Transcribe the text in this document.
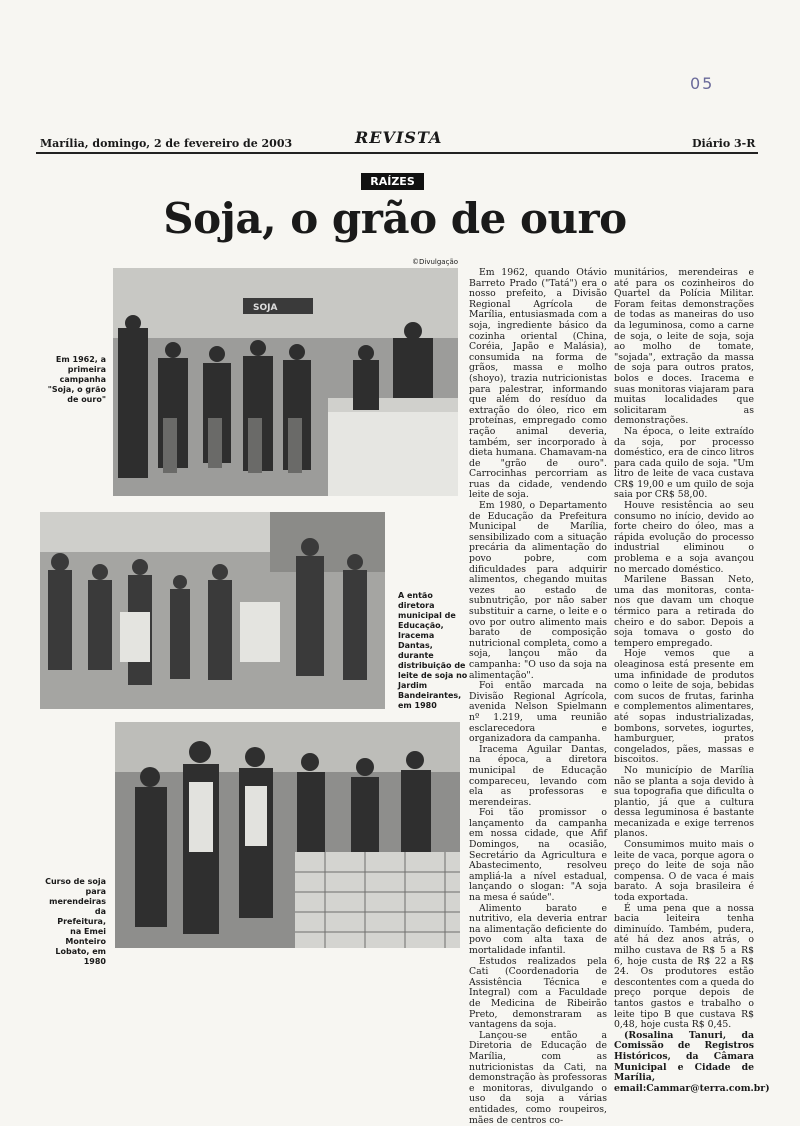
05
Marília, domingo, 2 de fevereiro de 2003	REVISTA	Diário 3-R
RAÍZES
Soja, o grão de ouro
©Divulgação
SOJA
Em 1962, a primeira campanha "Soja, o grão de ouro"
A então diretora municipal de Educação, Iracema Dantas, durante distribuição de leite de soja no Jardim Bandeirantes, em 1980
Curso de soja para merendeiras da Prefeitura, na Emei Monteiro Lobato, em 1980

Em 1962, quando Otávio Barreto Prado ("Tatá") era o nosso prefeito, a Divisão Regional Agrícola de Marília, entusiasmada com a soja, ingrediente básico da cozinha oriental (China, Coréia, Japão e Malásia), consumida na forma de grãos, massa e molho (shoyo), trazia nutricionistas para palestrar, informando que além do resíduo da extração do óleo, rico em proteínas, empregado como ração animal deveria, também, ser incorporado à dieta humana. Chamavam-na de "grão de ouro". Carrocinhas percorriam as ruas da cidade, vendendo leite de soja.

Em 1980, o Departamento de Educação da Prefeitura Municipal de Marília, sensibilizado com a situação precária da alimentação do povo pobre, com dificuldades para adquirir alimentos, chegando muitas vezes ao estado de subnutrição, por não saber substituir a carne, o leite e o ovo por outro alimento mais barato de composição nutricional completa, como a soja, lançou mão da campanha: "O uso da soja na alimentação".

Foi então marcada na Divisão Regional Agrícola, avenida Nelson Spielmann nº 1.219, uma reunião esclarecedora e organizadora da campanha.

Iracema Aguilar Dantas, na época, a diretora municipal de Educação compareceu, levando com ela as professoras e merendeiras.

Foi tão promissor o lançamento da campanha em nossa cidade, que Afif Domingos, na ocasião, Secretário da Agricultura e Abastecimento, resolveu ampliá-la a nível estadual, lançando o slogan: "A soja na mesa é saúde".

Alimento barato e nutritivo, ela deveria entrar na alimentação deficiente do povo com alta taxa de mortalidade infantil.

Estudos realizados pela Cati (Coordenadoria de Assistência Técnica e Integral) com a Faculdade de Medicina de Ribeirão Preto, demonstraram as vantagens da soja.

Lançou-se então a Diretoria de Educação de Marília, com as nutricionistas da Cati, na demonstração às professoras e monitoras, divulgando o uso da soja a várias entidades, como roupeiros, mães de centros co-

munitários, merendeiras e até para os cozinheiros do Quartel da Polícia Militar. Foram feitas demonstrações de todas as maneiras do uso da leguminosa, como a carne de soja, o leite de soja, soja ao molho de tomate, "sojada", extração da massa de soja para outros pratos, bolos e doces. Iracema e suas monitoras viajaram para muitas localidades que solicitaram as demonstrações.

Na época, o leite extraído da soja, por processo doméstico, era de cinco litros para cada quilo de soja. "Um litro de leite de vaca custava CR$ 19,00 e um quilo de soja saia por CR$ 58,00.

Houve resistência ao seu consumo no início, devido ao forte cheiro do óleo, mas a rápida evolução do processo industrial eliminou o problema e a soja avançou no mercado doméstico.

Marilene Bassan Neto, uma das monitoras, conta-nos que davam um choque térmico para a retirada do cheiro e do sabor. Depois a soja tomava o gosto do tempero empregado.

Hoje vemos que a oleaginosa está presente em uma infinidade de produtos como o leite de soja, bebidas com sucos de frutas, farinha e complementos alimentares, até sopas industrializadas, bombons, sorvetes, iogurtes, hamburguer, pratos congelados, pães, massas e biscoitos.

No município de Marília não se planta a soja devido à sua topografia que dificulta o plantio, já que a cultura dessa leguminosa é bastante mecanizada e exige terrenos planos.

Consumimos muito mais o leite de vaca, porque agora o preço do leite de soja não compensa. O de vaca é mais barato. A soja brasileira é toda exportada.

É uma pena que a nossa bacia leiteira tenha diminuído. Também, pudera, até há dez anos atrás, o milho custava de R$ 5 a R$ 6, hoje custa de R$ 22 a R$ 24. Os produtores estão descontentes com a queda do preço porque depois de tantos gastos e trabalho o leite tipo B que custava R$ 0,48, hoje custa R$ 0,45.

(Rosalina Tanuri, da Comissão de Registros Históricos, da Câmara Municipal e Cidade de Marília, email:Cammar@terra.com.br)
